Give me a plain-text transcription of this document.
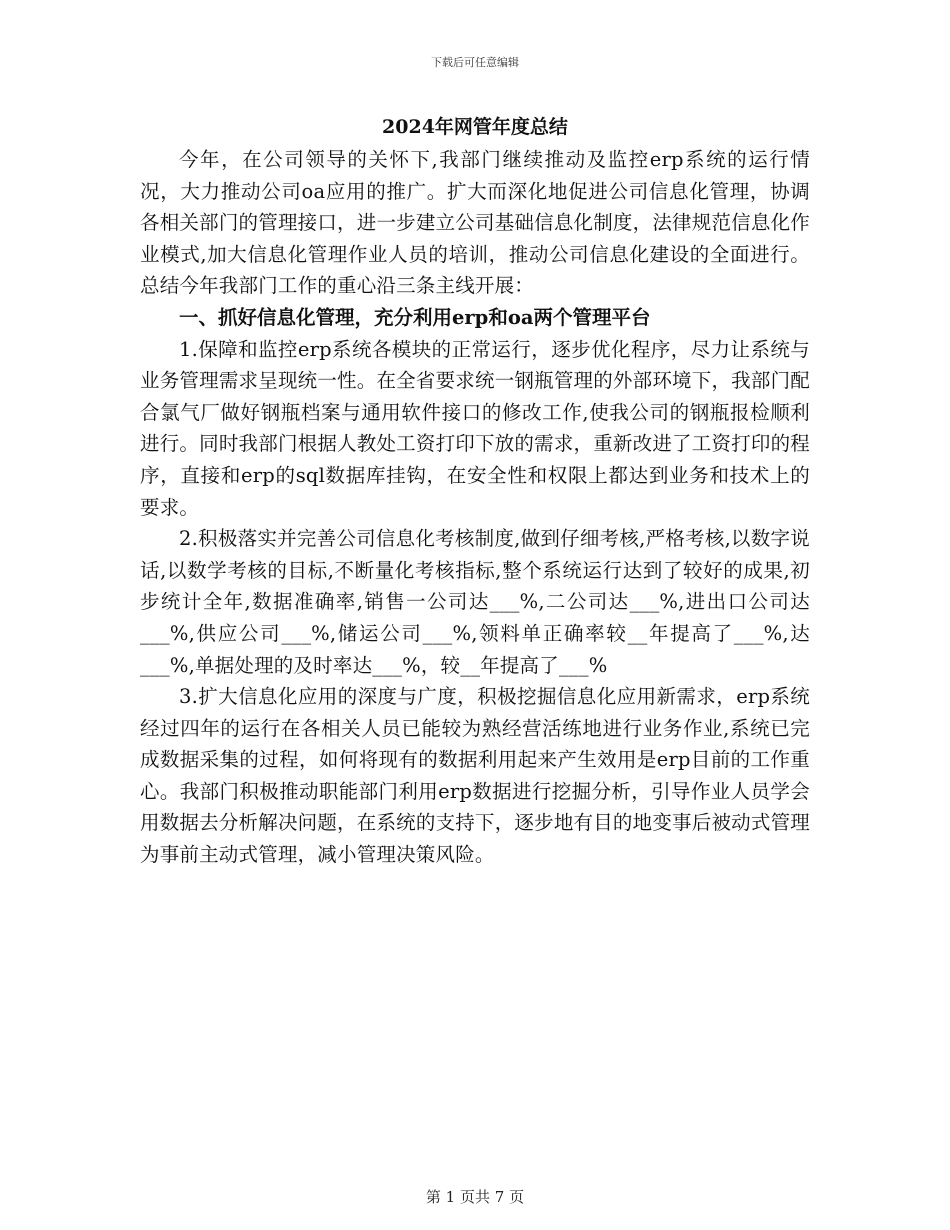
下载后可任意编辑
2024年网管年度总结

今年，在公司领导的关怀下,我部门继续推动及监控erp系统的运行情况，大力推动公司oa应用的推广。扩大而深化地促进公司信息化管理，协调各相关部门的管理接口，进一步建立公司基础信息化制度，法律规范信息化作业模式,加大信息化管理作业人员的培训，推动公司信息化建设的全面进行。总结今年我部门工作的重心沿三条主线开展：

一、抓好信息化管理，充分利用erp和oa两个管理平台

1.保障和监控erp系统各模块的正常运行，逐步优化程序，尽力让系统与业务管理需求呈现统一性。在全省要求统一钢瓶管理的外部环境下，我部门配合氯气厂做好钢瓶档案与通用软件接口的修改工作,使我公司的钢瓶报检顺利进行。同时我部门根据人教处工资打印下放的需求，重新改进了工资打印的程序，直接和erp的sql数据库挂钩，在安全性和权限上都达到业务和技术上的要求。

2.积极落实并完善公司信息化考核制度,做到仔细考核,严格考核,以数字说话,以数学考核的目标,不断量化考核指标,整个系统运行达到了较好的成果,初步统计全年,数据准确率,销售一公司达___%,二公司达___%,进出口公司达___%,供应公司___%,储运公司___%,领料单正确率较__年提高了___%,达___%,单据处理的及时率达___%，较__年提高了___%

3.扩大信息化应用的深度与广度，积极挖掘信息化应用新需求，erp系统经过四年的运行在各相关人员已能较为熟经营活练地进行业务作业,系统已完成数据采集的过程，如何将现有的数据利用起来产生效用是erp目前的工作重心。我部门积极推动职能部门利用erp数据进行挖掘分析，引导作业人员学会用数据去分析解决问题，在系统的支持下，逐步地有目的地变事后被动式管理为事前主动式管理，减小管理决策风险。

第 1 页共 7 页
